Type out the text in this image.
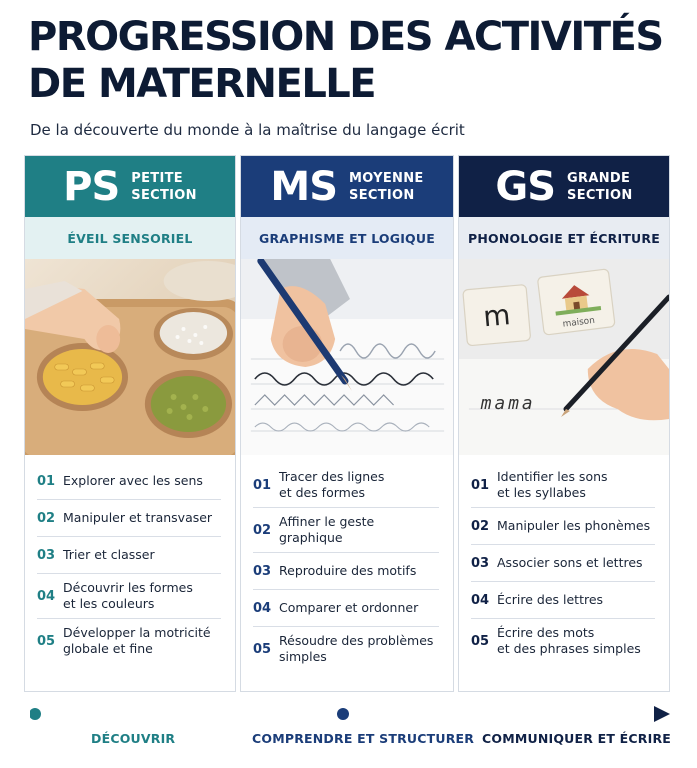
PROGRESSION DES ACTIVITÉS DE MATERNELLE

De la découverte du monde à la maîtrise du langage écrit

PS PETITE
SECTION
ÉVEIL SENSORIEL
01 Explorer avec les sens
02 Manipuler et transvaser
03 Trier et classer
04
Découvrir les formes
et les couleurs
05
Développer la motricité
globale et fine
MS MOYENNE
SECTION
GRAPHISME ET LOGIQUE
01
Tracer des lignes
et des formes
02
Affiner le geste graphique
03 Reproduire des motifs
04 Comparer et ordonner
05
Résoudre des problèmes
simples
GS GRANDE
SECTION
PHONOLOGIE ET ÉCRITURE
m	maison
mama
01
Identifier les sons
et les syllabes
02 Manipuler les phonèmes
03 Associer sons et lettres
04 Écrire des lettres
05
Écrire des mots
et des phrases simples
DÉCOUVRIR	COMPRENDRE ET STRUCTURER COMMUNIQUER ET ÉCRIRE
